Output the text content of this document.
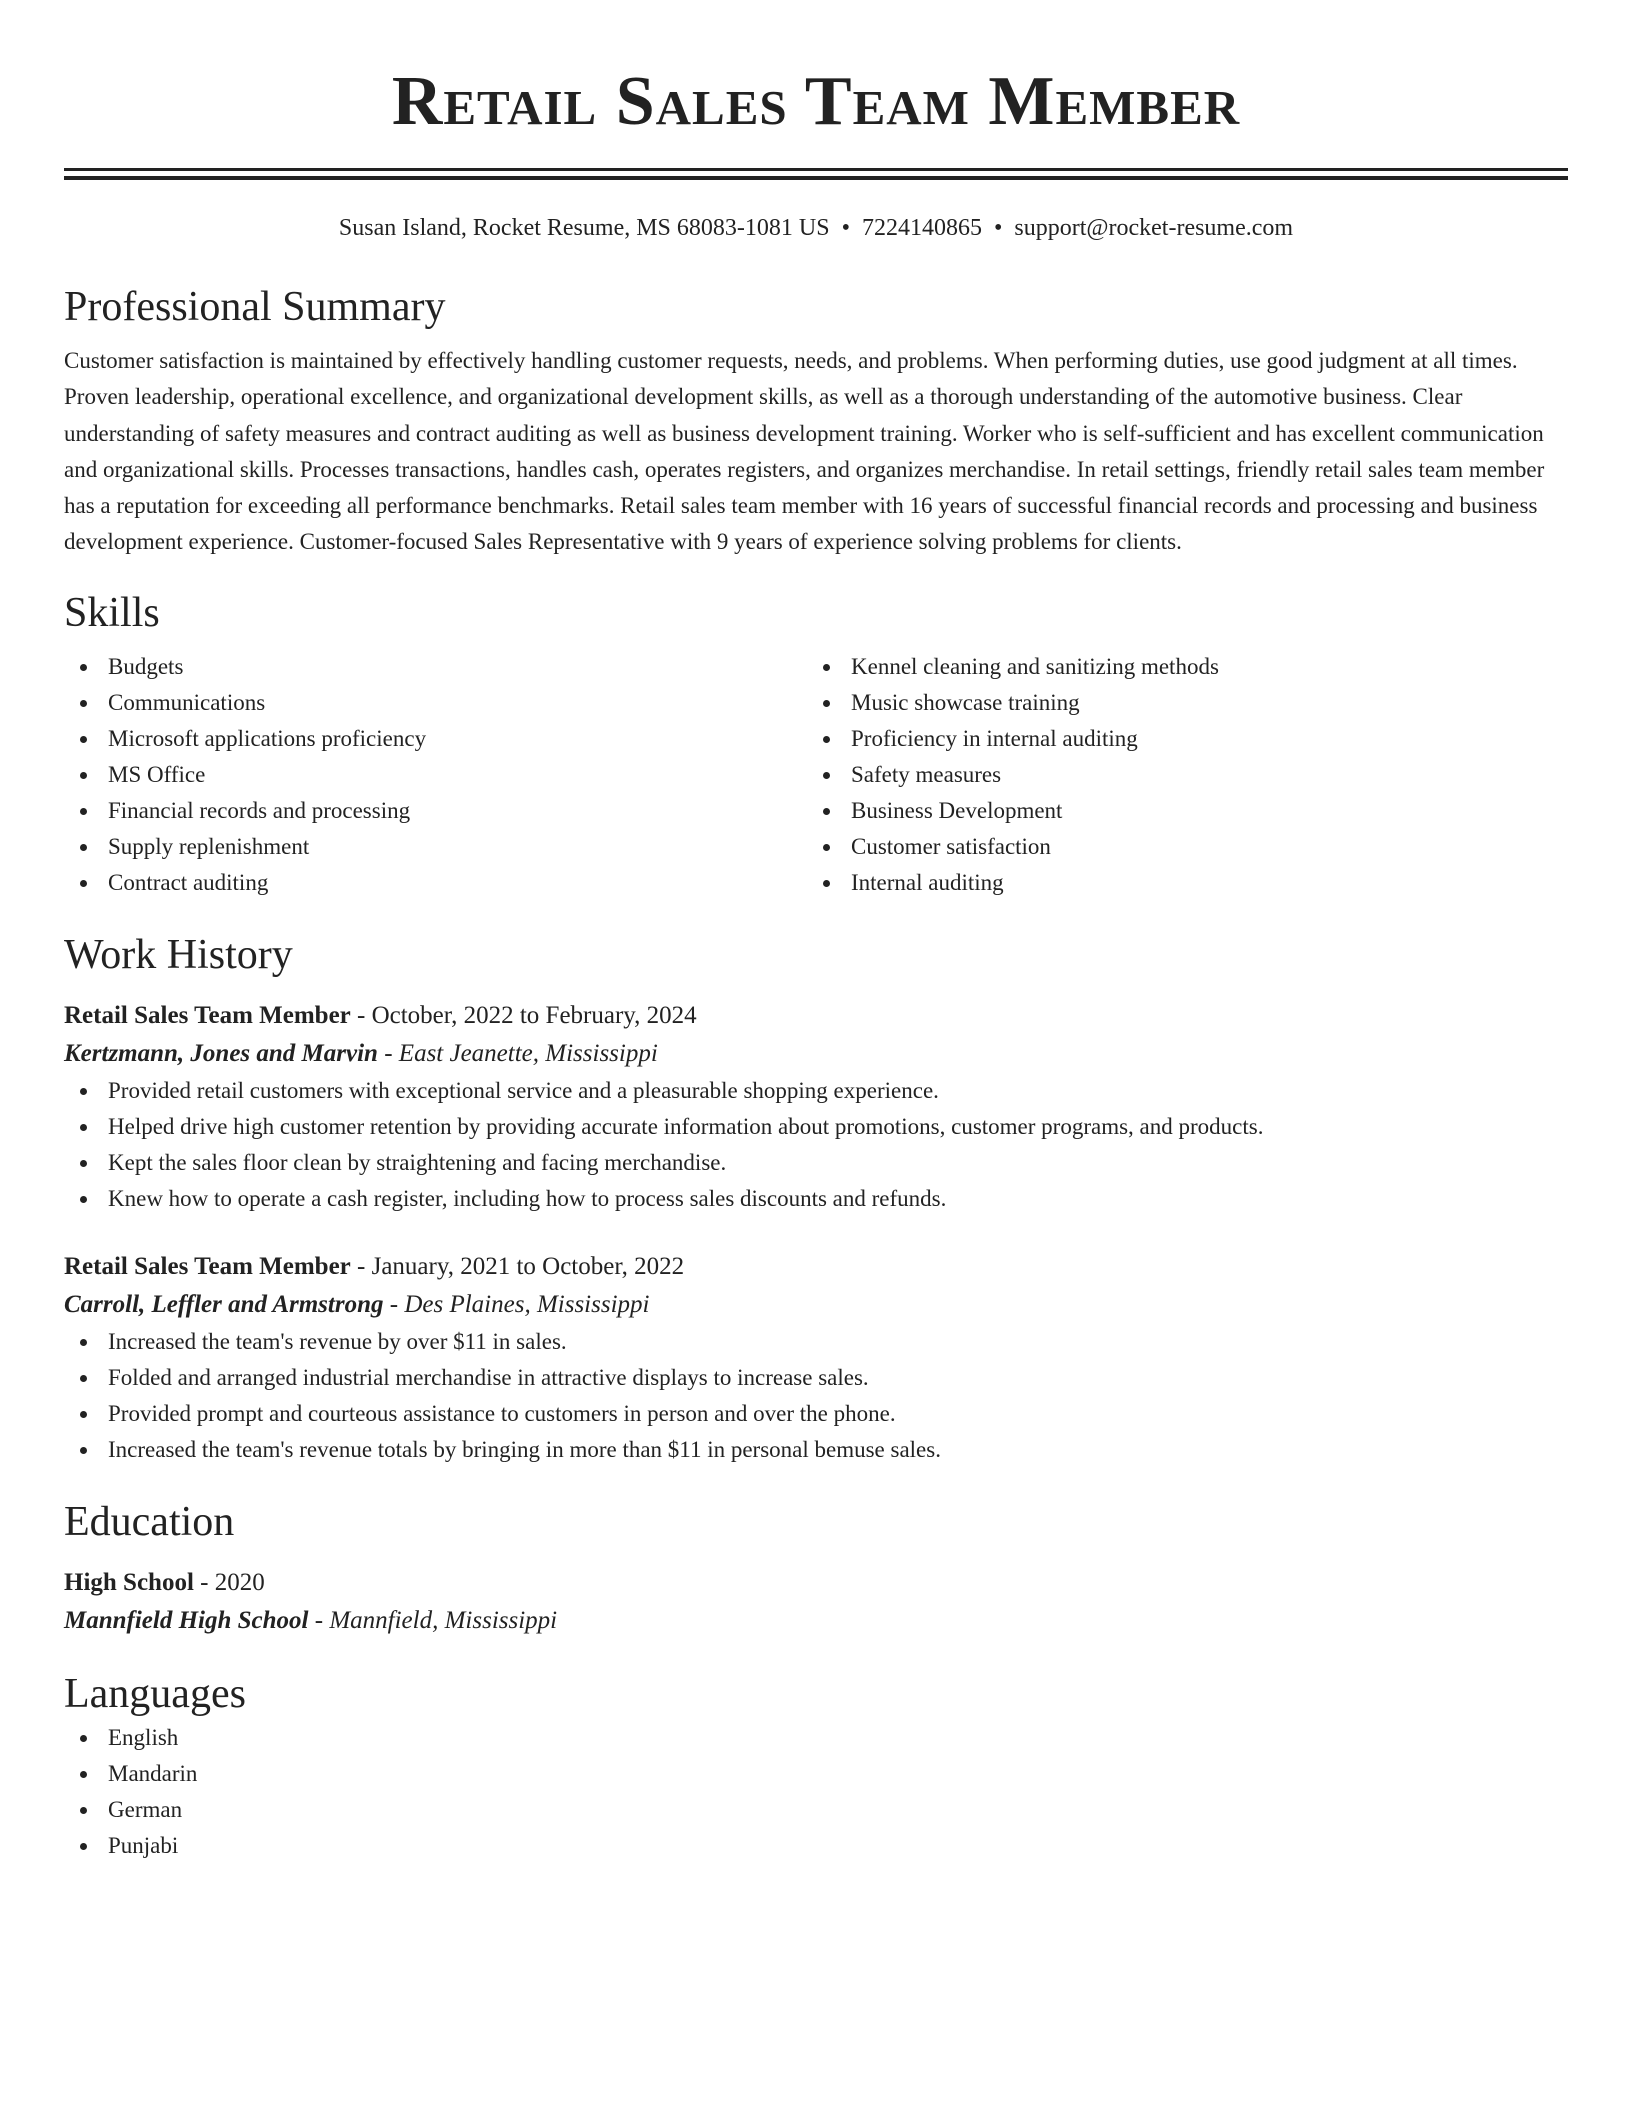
Retail Sales Team Member
Susan Island, Rocket Resume, MS 68083-1081 US • 7224140865 • support@rocket-resume.com
Professional Summary

Customer satisfaction is maintained by effectively handling customer requests, needs, and problems. When performing duties, use good judgment at all times. Proven leadership, operational excellence, and organizational development skills, as well as a thorough understanding of the automotive business. Clear understanding of safety measures and contract auditing as well as business development training. Worker who is self-sufficient and has excellent communication and organizational skills. Processes transactions, handles cash, operates registers, and organizes merchandise. In retail settings, friendly retail sales team member has a reputation for exceeding all performance benchmarks. Retail sales team member with 16 years of successful financial records and processing and business development experience. Customer-focused Sales Representative with 9 years of experience solving problems for clients.

Skills
Budgets
Communications
Microsoft applications proficiency
MS Office
Financial records and processing
Supply replenishment
Contract auditing
Kennel cleaning and sanitizing methods
Music showcase training
Proficiency in internal auditing
Safety measures
Business Development
Customer satisfaction
Internal auditing
Work History
Retail Sales Team Member - October, 2022 to February, 2024
Kertzmann, Jones and Marvin - East Jeanette, Mississippi
Provided retail customers with exceptional service and a pleasurable shopping experience.
Helped drive high customer retention by providing accurate information about promotions, customer programs, and products.
Kept the sales floor clean by straightening and facing merchandise.
Knew how to operate a cash register, including how to process sales discounts and refunds.
Retail Sales Team Member - January, 2021 to October, 2022
Carroll, Leffler and Armstrong - Des Plaines, Mississippi
Increased the team's revenue by over $11 in sales.
Folded and arranged industrial merchandise in attractive displays to increase sales.
Provided prompt and courteous assistance to customers in person and over the phone.
Increased the team's revenue totals by bringing in more than $11 in personal bemuse sales.
Education
High School - 2020
Mannfield High School - Mannfield, Mississippi
Languages
English
Mandarin
German
Punjabi
